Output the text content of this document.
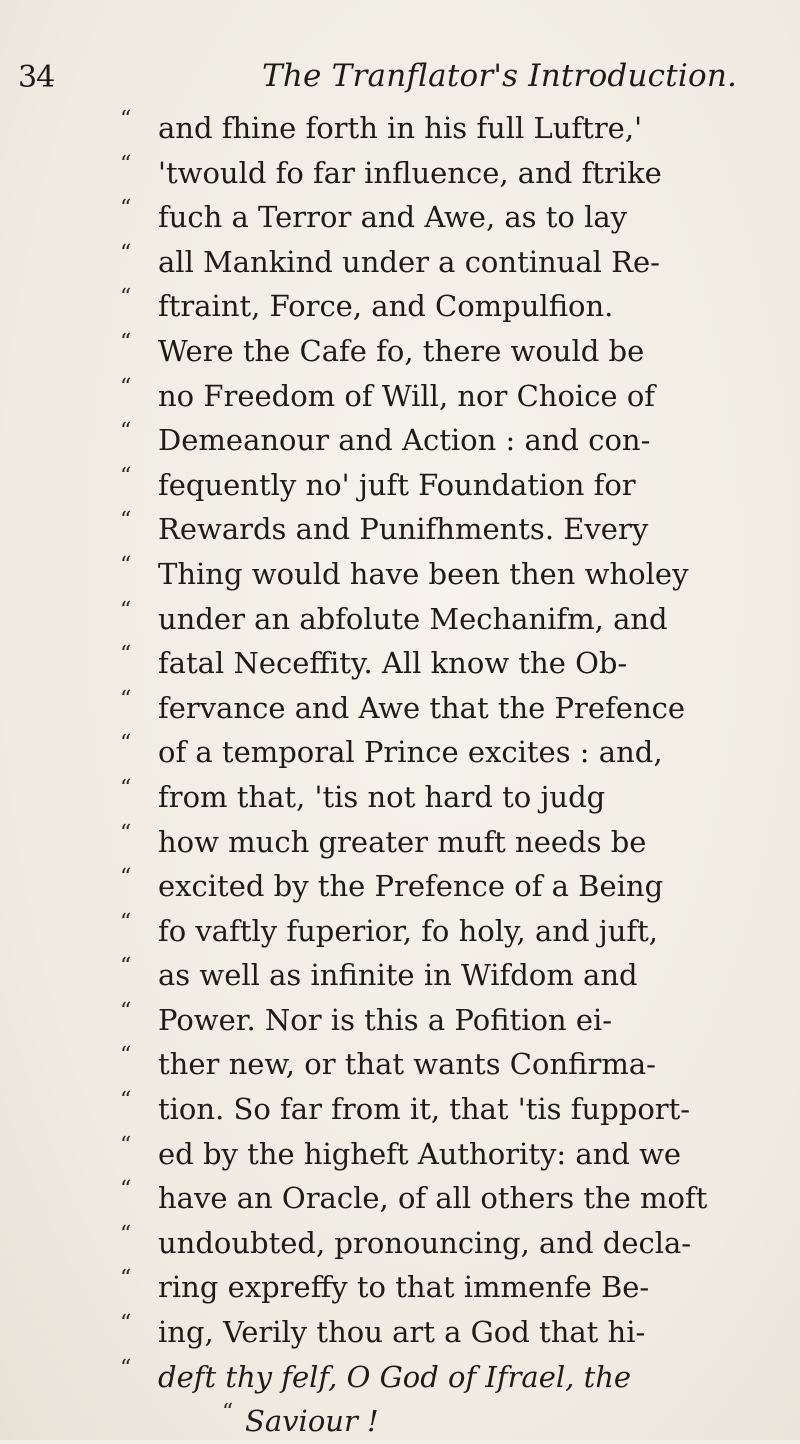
34	The Tranflator's Introduction.
“ and fhine forth in his full Luftre,'
“ 'twould fo far influence, and ftrike
“ fuch a Terror and Awe, as to lay
“ all Mankind under a continual Re-
“ ftraint, Force, and Compulfion.
“ Were the Cafe fo, there would be
“ no Freedom of Will, nor Choice of
“ Demeanour and Action : and con-
“ fequently no' juft Foundation for
“ Rewards and Punifhments. Every
“ Thing would have been then wholey
“ under an abfolute Mechanifm, and
“ fatal Neceffity. All know the Ob-
“ fervance and Awe that the Prefence
“ of a temporal Prince excites : and,
“ from that, 'tis not hard to judg
“ how much greater muft needs be
“ excited by the Prefence of a Being
“ fo vaftly fuperior, fo holy, and juft,
“ as well as infinite in Wifdom and
“ Power. Nor is this a Pofition ei-
“ ther new, or that wants Confirma-
“ tion. So far from it, that 'tis fupport-
“ ed by the higheft Authority: and we
“ have an Oracle, of all others the moft
“ undoubted, pronouncing, and decla-
“ ring expreffy to that immenfe Be-
“ ing, Verily thou art a God that hi-
“ deft thy felf, O God of Ifrael, the
“ Saviour !
